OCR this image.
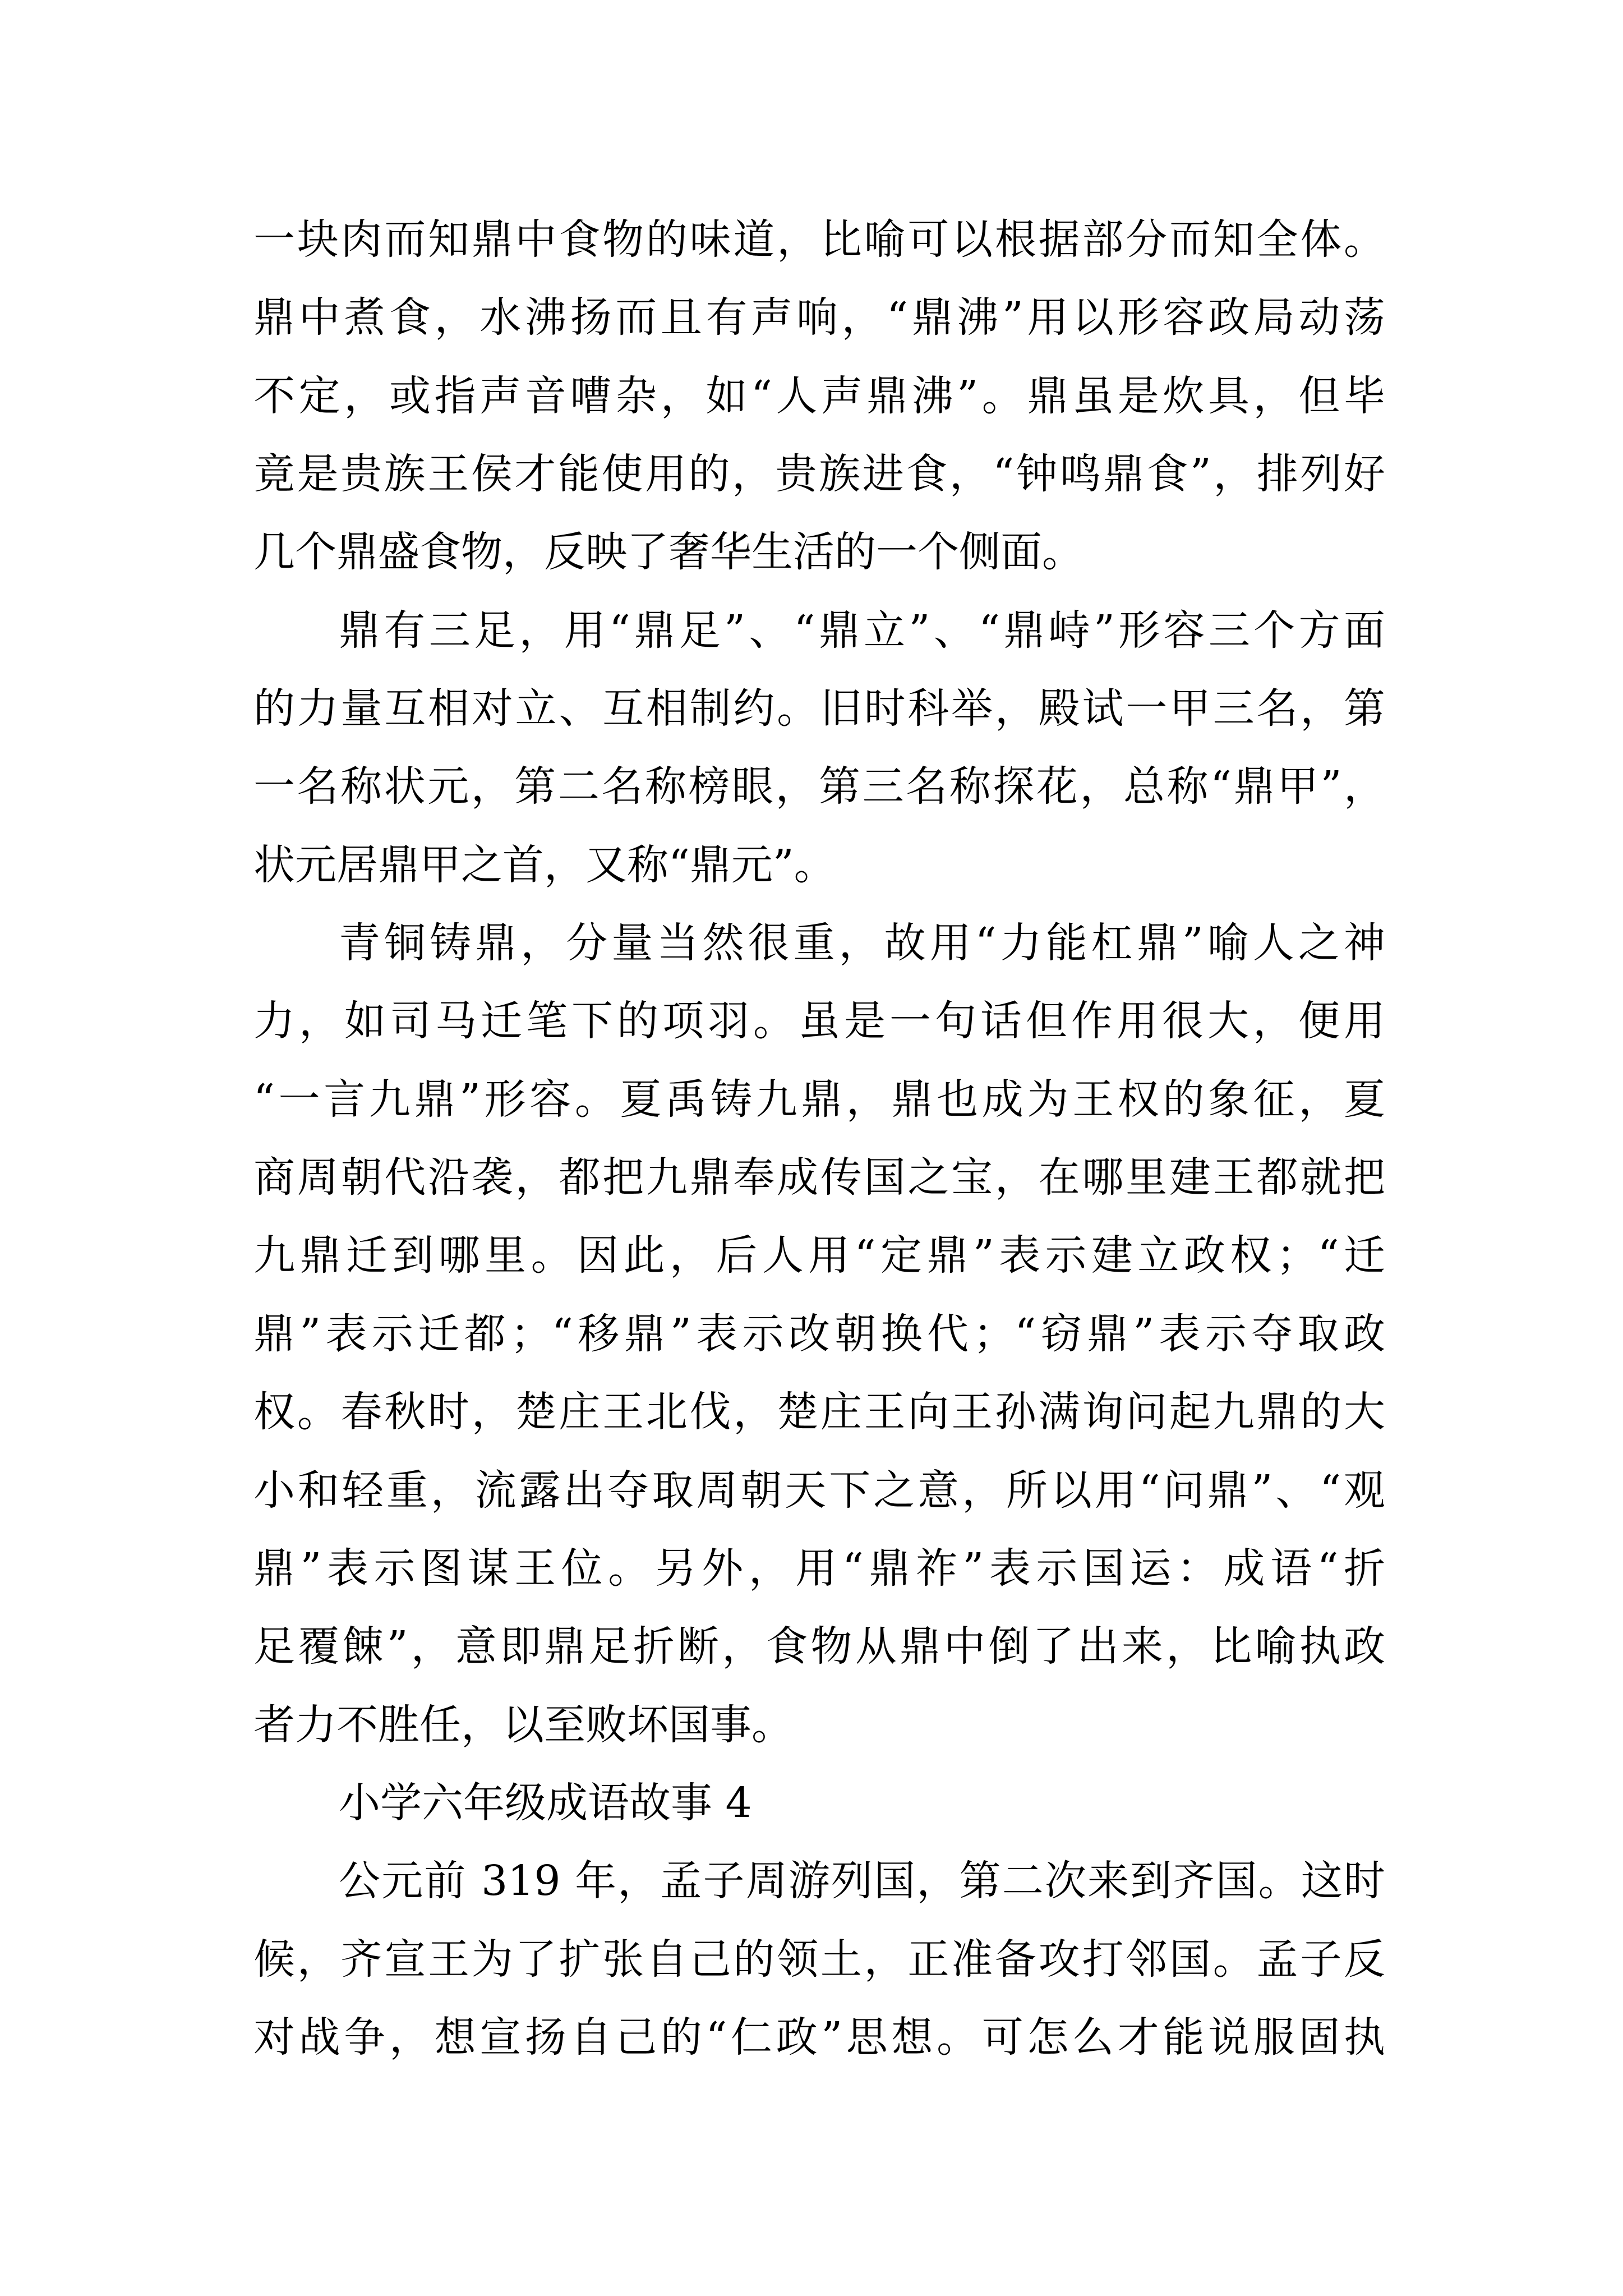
一块肉而知鼎中食物的味道，比喻可以根据部分而知全体。
鼎中煮食，水沸扬而且有声响，“鼎沸”用以形容政局动荡
不定，或指声音嘈杂，如“人声鼎沸”。鼎虽是炊具，但毕
竟是贵族王侯才能使用的，贵族进食，“钟鸣鼎食”，排列好
几个鼎盛食物，反映了奢华生活的一个侧面。
鼎有三足，用“鼎足”、“鼎立”、“鼎峙”形容三个方面
的力量互相对立、互相制约。旧时科举，殿试一甲三名，第
一名称状元，第二名称榜眼，第三名称探花，总称“鼎甲”，
状元居鼎甲之首，又称“鼎元”。
青铜铸鼎，分量当然很重，故用“力能杠鼎”喻人之神
力，如司马迁笔下的项羽。虽是一句话但作用很大，便用
“一言九鼎”形容。夏禹铸九鼎，鼎也成为王权的象征，夏
商周朝代沿袭，都把九鼎奉成传国之宝，在哪里建王都就把
九鼎迁到哪里。因此，后人用“定鼎”表示建立政权；“迁
鼎”表示迁都；“移鼎”表示改朝换代；“窃鼎”表示夺取政
权。春秋时，楚庄王北伐，楚庄王向王孙满询问起九鼎的大
小和轻重，流露出夺取周朝天下之意，所以用“问鼎”、“观
鼎”表示图谋王位。另外，用“鼎祚”表示国运：成语“折
足覆餗”，意即鼎足折断，食物从鼎中倒了出来，比喻执政
者力不胜任，以至败坏国事。
小学六年级成语故事 4
公元前 319 年，孟子周游列国，第二次来到齐国。这时
候，齐宣王为了扩张自己的领土，正准备攻打邻国。孟子反
对战争，想宣扬自己的“仁政”思想。可怎么才能说服固执
